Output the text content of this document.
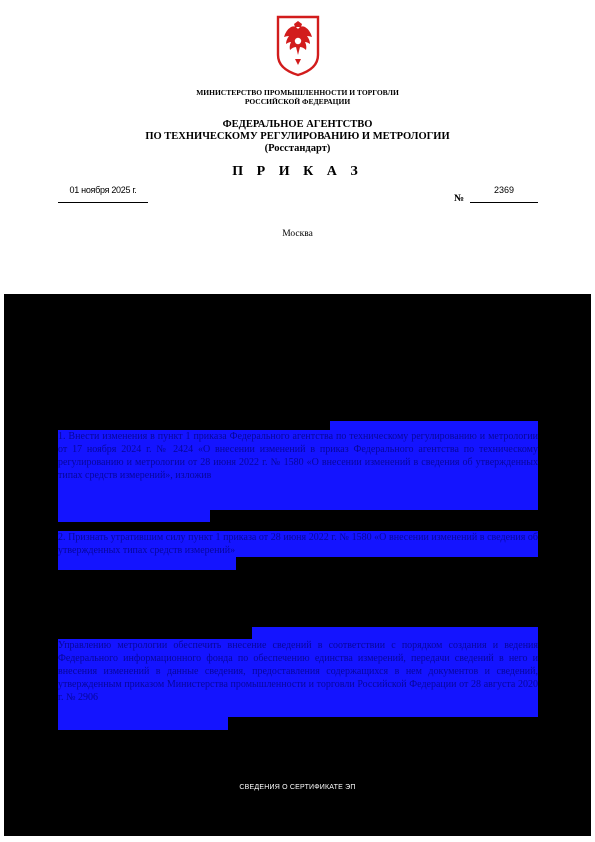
МИНИСТЕРСТВО ПРОМЫШЛЕННОСТИ И ТОРГОВЛИ
РОССИЙСКОЙ ФЕДЕРАЦИИ
ФЕДЕРАЛЬНОЕ АГЕНТСТВО
ПО ТЕХНИЧЕСКОМУ РЕГУЛИРОВАНИЮ И МЕТРОЛОГИИ
(Росстандарт)
П Р И К А З
01 ноября 2025 г.
№
2369
Москва
1. Внести изменения в пункт 1 приказа Федерального агентства по техническому регулированию и метрологии от 17 ноября 2024 г. № 2424 «О внесении изменений в приказ Федерального агентства по техническому регулированию и метрологии от 28 июня 2022 г. № 1580 «О внесении изменений в сведения об утвержденных типах средств измерений», изложив
2. Признать утратившим силу пункт 1 приказа от 28 июня 2022 г. № 1580 «О внесении изменений в сведения об утвержденных типах средств измерений»
Управлению метрологии обеспечить внесение сведений в соответствии с порядком создания и ведения Федерального информационного фонда по обеспечению единства измерений, передачи сведений в него и внесения изменений в данные сведения, предоставления содержащихся в нем документов и сведений, утвержденным приказом Министерства промышленности и торговли Российской Федерации от 28 августа 2020 г. № 2906
СВЕДЕНИЯ О СЕРТИФИКАТЕ ЭП
